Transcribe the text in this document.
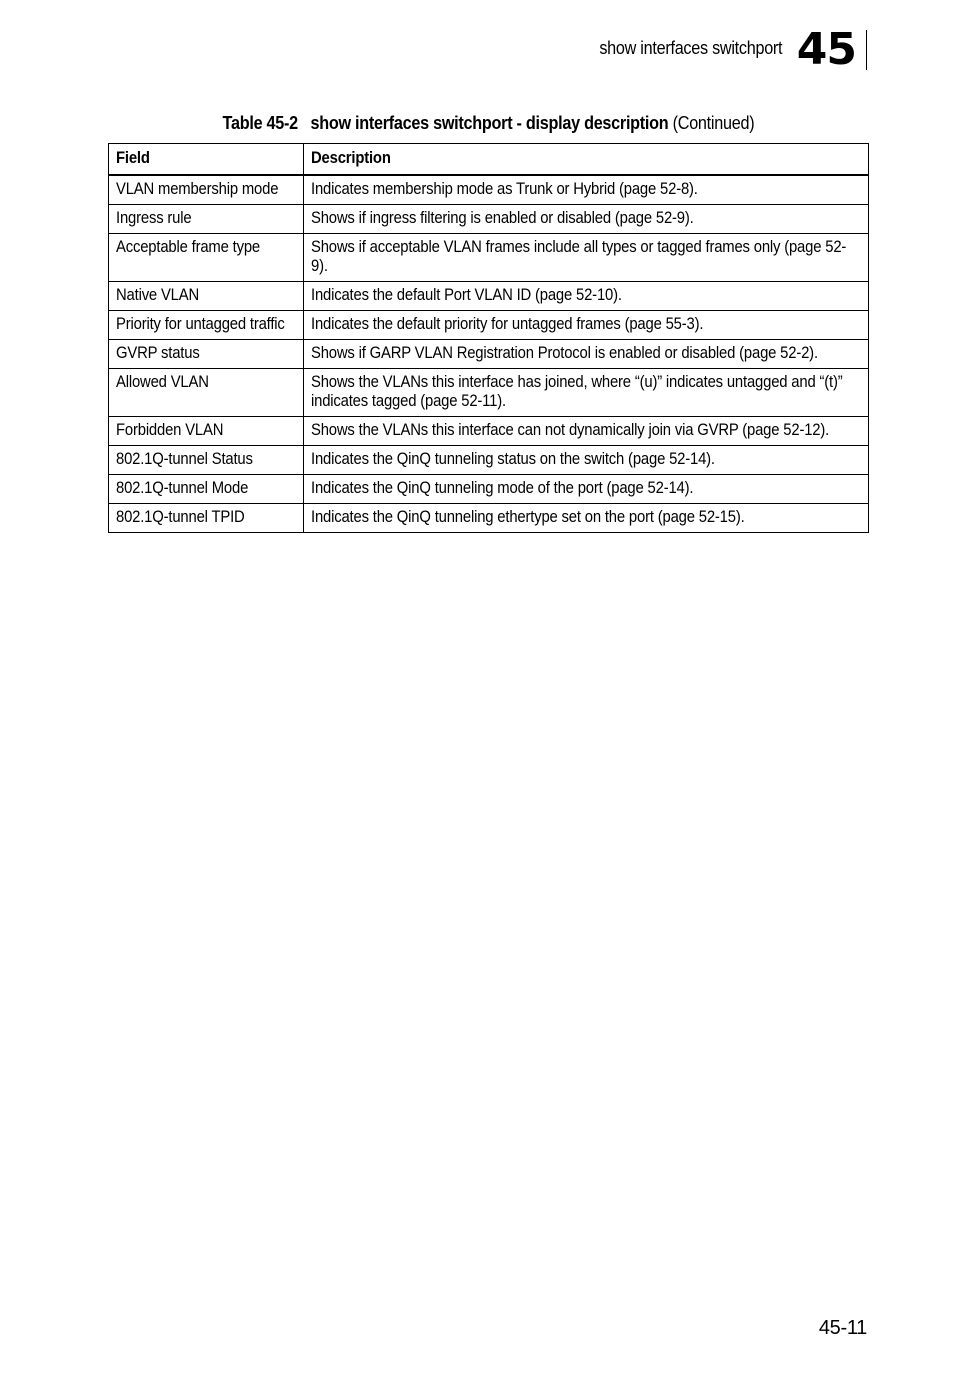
show interfaces switchport 45
Table 45-2 show interfaces switchport - display description (Continued)
Field	Description
VLAN membership mode	Indicates membership mode as Trunk or Hybrid (page 52-8).
Ingress rule	Shows if ingress filtering is enabled or disabled (page 52-9).
Acceptable frame type	Shows if acceptable VLAN frames include all types or tagged frames only (page 52-9).
Native VLAN	Indicates the default Port VLAN ID (page 52-10).
Priority for untagged traffic	Indicates the default priority for untagged frames (page 55-3).
GVRP status	Shows if GARP VLAN Registration Protocol is enabled or disabled (page 52-2).
Allowed VLAN	Shows the VLANs this interface has joined, where “(u)” indicates untagged and “(t)” indicates tagged (page 52-11).
Forbidden VLAN	Shows the VLANs this interface can not dynamically join via GVRP (page 52-12).
802.1Q-tunnel Status	Indicates the QinQ tunneling status on the switch (page 52-14).
802.1Q-tunnel Mode	Indicates the QinQ tunneling mode of the port (page 52-14).
802.1Q-tunnel TPID	Indicates the QinQ tunneling ethertype set on the port (page 52-15).
45-11
